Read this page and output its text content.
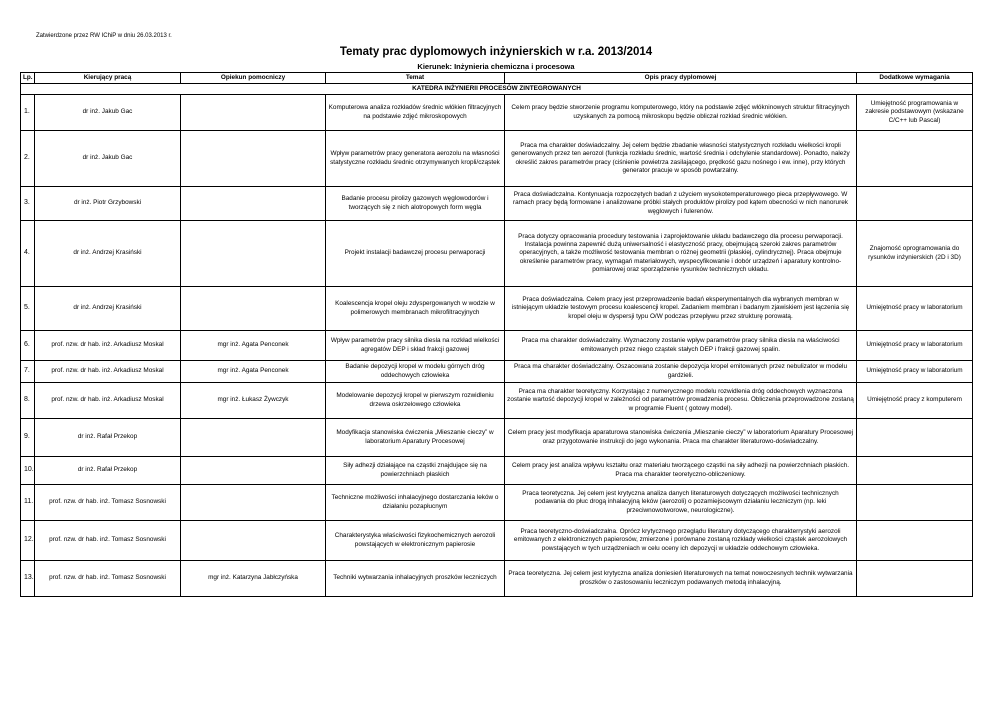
Zatwierdzone przez RW IChiP w dniu 26.03.2013 r.
Tematy prac dyplomowych inżynierskich w r.a. 2013/2014
Kierunek: Inżynieria chemiczna i procesowa
Lp.	Kierujący pracą	Opiekun pomocniczy	Temat	Opis pracy dyplomowej	Dodatkowe wymagania
KATEDRA INŻYNIERII PROCESÓW ZINTEGROWANYCH					
1.	dr inż. Jakub Gac		Komputerowa analiza rozkładów średnic włókien filtracyjnych na podstawie zdjęć mikroskopowych	Celem pracy będzie stworzenie programu komputerowego, który na podstawie zdjęć włókninowych struktur filtracyjnych uzyskanych za pomocą mikroskopu będzie obliczał rozkład średnic włókien.	Umiejętność programowania w zakresie podstawowym (wskazane C/C++ lub Pascal)
2.	dr inż. Jakub Gac		Wpływ parametrów pracy generatora aerozolu na własności statystyczne rozkładu średnic otrzymywanych kropli/cząstek	Praca ma charakter doświadczalny. Jej celem będzie zbadanie własności statystycznych rozkładu wielkości kropli generowanych przez ten aerozol (funkcja rozkładu średnic, wartość średnia i odchylenie standardowe). Ponadto, należy określić zakres parametrów pracy (ciśnienie powietrza zasilającego, prędkość gazu nośnego i ew. inne), przy których generator pracuje w sposób powtarzalny.	
3.	dr inż. Piotr Grzybowski		Badanie procesu pirolizy gazowych węglowodorów i tworzących się z nich alotropowych form węgla	Praca doświadczalna. Kontynuacja rozpoczętych badań z użyciem wysokotemperaturowego pieca przepływowego. W ramach pracy będą formowane i analizowane próbki stałych produktów pirolizy pod kątem obecności w nich nanorurek węglowych i fulerenów.	
4.	dr inż. Andrzej Krasiński		Projekt instalacji badawczej procesu perwaporacji	Praca dotyczy opracowania procedury testowania i zaprojektowanie układu badawczego dla procesu perwaporacji. Instalacja powinna zapewnić dużą uniwersalność i elastyczność pracy, obejmującą szeroki zakres parametrów operacyjnych, a także możliwość testowania membran o różnej geometrii (płaskiej, cylindrycznej). Praca obejmuje określenie parametrów pracy, wymagań materiałowych, wyspecyfikowanie i dobór urządzeń i aparatury kontrolno-pomiarowej oraz sporządzenie rysunków technicznych układu.	Znajomość oprogramowania do rysunków inżynierskich (2D i 3D)
5.	dr inż. Andrzej Krasiński		Koalescencja kropel oleju zdyspergowanych w wodzie w polimerowych membranach mikrofiltracyjnych	Praca doświadczalna. Celem pracy jest przeprowadzenie badań eksperymentalnych dla wybranych membran w istniejącym układzie testowym procesu koalescencji kropel. Zadaniem membran i badanym zjawiskiem jest łączenia się kropel oleju w dyspersji typu O/W podczas przepływu przez strukturę porowatą.	Umiejętność pracy w laboratorium
6.	prof. nzw. dr hab. inż. Arkadiusz Moskal	mgr inż. Agata Penconek	Wpływ parametrów pracy silnika diesla na rozkład wielkości agregatów DEP i skład frakcji gazowej	Praca ma charakter doświadczalny. Wyznaczony zostanie wpływ parametrów pracy silnika diesla na właściwości emitowanych przez niego cząstek stałych DEP i frakcji gazowej spalin.	Umiejętność pracy w laboratorium
7.	prof. nzw. dr hab. inż. Arkadiusz Moskal	mgr inż. Agata Penconek	Badanie depozycji kropel w modelu górnych dróg oddechowych człowieka	Praca ma charakter doświadczalny. Oszacowana zostanie depozycja kropel emitowanych przez nebulizator w modelu gardzieli.	Umiejętność pracy w laboratorium
8.	prof. nzw. dr hab. inż. Arkadiusz Moskal	mgr inż. Łukasz Żywczyk	Modelowanie depozycji kropel w pierwszym rozwidleniu drzewa oskrzelowego człowieka	Praca ma charakter teoretyczny. Korzystając z numerycznego modelu rozwidlenia dróg oddechowych wyznaczona zostanie wartość depozycji kropel w zależności od parametrów prowadzenia procesu. Obliczenia przeprowadzone zostaną w programie Fluent ( gotowy model).	Umiejętność pracy z komputerem
9.	dr inż. Rafał Przekop		Modyfikacja stanowiska ćwiczenia „Mieszanie cieczy” w laboratorium Aparatury Procesowej	Celem pracy jest modyfikacja aparaturowa stanowiska ćwiczenia „Mieszanie cieczy” w laboratorium Aparatury Procesowej oraz przygotowanie instrukcji do jego wykonania. Praca ma charakter literaturowo-doświadczalny.	
10.	dr inż. Rafał Przekop		Siły adhezji działające na cząstki znajdujące się na powierzchniach płaskich	Celem pracy jest analiza wpływu kształtu oraz materiału tworzącego cząstki na siły adhezji na powierzchniach płaskich. Praca ma charakter teoretyczno-obliczeniowy.	
11.	prof. nzw. dr hab. inż. Tomasz Sosnowski		Techniczne możliwości inhalacyjnego dostarczania leków o działaniu pozapłucnym	Praca teoretyczna. Jej celem jest krytyczna analiza danych literaturowych dotyczących możliwości technicznych podawania do płuc drogą inhalacyjną leków (aerozoli) o pozamiejscowym działaniu leczniczym (np. leki przeciwnowotworowe, neurologiczne).	
12.	prof. nzw. dr hab. inż. Tomasz Sosnowski		Charakterystyka właściwości fizykochemicznych aerozoli powstających w elektronicznym papierosie	Praca teoretyczno-doświadczalna. Oprócz krytycznego przeglądu literatury dotyczącego charakterrystyki aerozoli emitowanych z elektronicznych papierosów, zmierzone i porównane zostaną rozkłady wielkości cząstek aerozolowych powstających w tych urządzeniach w celu oceny ich depozycji w układzie oddechowym człowieka.	
13.	prof. nzw. dr hab. inż. Tomasz Sosnowski	mgr inż. Katarzyna Jabłczyńska	Techniki wytwarzania inhalacyjnych proszków leczniczych	Praca teoretyczna. Jej celem jest krytyczna analiza doniesień literaturowych na temat nowoczesnych technik wytwarzania proszków o zastosowaniu leczniczym podawanych metodą inhalacyjną.	
